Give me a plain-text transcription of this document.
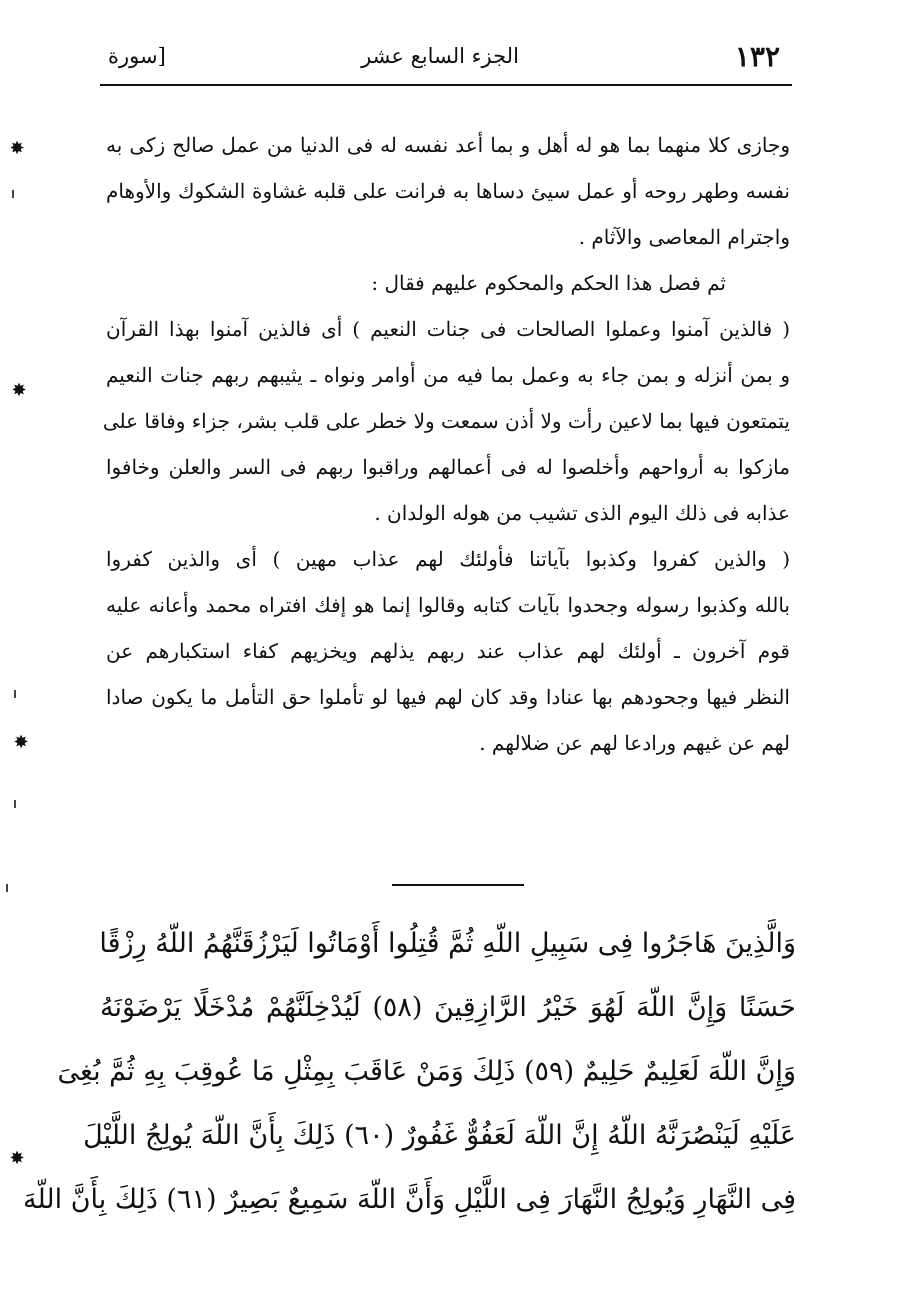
١٣٢
الجزء السابع عشر
[سورة
وجازى كلا منهما بما هو له أهل و بما أعد نفسه له فى الدنيا من عمل صالح زكى به
نفسه وطهر روحه أو عمل سيئ دساها به فرانت على قلبه غشاوة الشكوك والأوهام
واجترام المعاصى والآثام .
ثم فصل هذا الحكم والمحكوم عليهم فقال :
( فالذين آمنوا وعملوا الصالحات فى جنات النعيم ) أى فالذين آمنوا بهذا القرآن
و بمن أنزله و بمن جاء به وعمل بما فيه من أوامر ونواه ـ يثيبهم ربهم جنات النعيم
يتمتعون فيها بما لاعين رأت ولا أذن سمعت ولا خطر على قلب بشر، جزاء وفاقا على
مازكوا به أرواحهم وأخلصوا له فى أعمالهم وراقبوا ربهم فى السر والعلن وخافوا
عذابه فى ذلك اليوم الذى تشيب من هوله الولدان .
( والذين كفروا وكذبوا بآياتنا فأولئك لهم عذاب مهين ) أى والذين كفروا
بالله وكذبوا رسوله وجحدوا بآيات كتابه وقالوا إنما هو إفك افتراه محمد وأعانه عليه
قوم آخرون ـ أولئك لهم عذاب عند ربهم يذلهم ويخزيهم كفاء استكبارهم عن
النظر فيها وجحودهم بها عنادا وقد كان لهم فيها لو تأملوا حق التأمل ما يكون صادا
لهم عن غيهم ورادعا لهم عن ضلالهم .
وَالَّذِينَ هَاجَرُوا فِى سَبِيلِ اللّهِ ثُمَّ قُتِلُوا أَوْمَاتُوا لَيَرْزُقَنَّهُمُ اللّهُ رِزْقًا
حَسَنًا وَإِنَّ اللّهَ لَهُوَ خَيْرُ الرَّازِقِينَ (٥٨) لَيُدْخِلَنَّهُمْ مُدْخَلًا يَرْضَوْنَهُ
وَإِنَّ اللّهَ لَعَلِيمٌ حَلِيمٌ (٥٩) ذَلِكَ وَمَنْ عَاقَبَ بِمِثْلِ مَا عُوقِبَ بِهِ ثُمَّ بُغِىَ
عَلَيْهِ لَيَنْصُرَنَّهُ اللّهُ إِنَّ اللّهَ لَعَفُوٌّ غَفُورٌ (٦٠) ذَلِكَ بِأَنَّ اللّهَ يُولِجُ اللَّيْلَ
فِى النَّهَارِ وَيُولِجُ النَّهَارَ فِى اللَّيْلِ وَأَنَّ اللّهَ سَمِيعٌ بَصِيرٌ (٦١) ذَلِكَ بِأَنَّ اللّهَ
✸
✸
✸
✸
